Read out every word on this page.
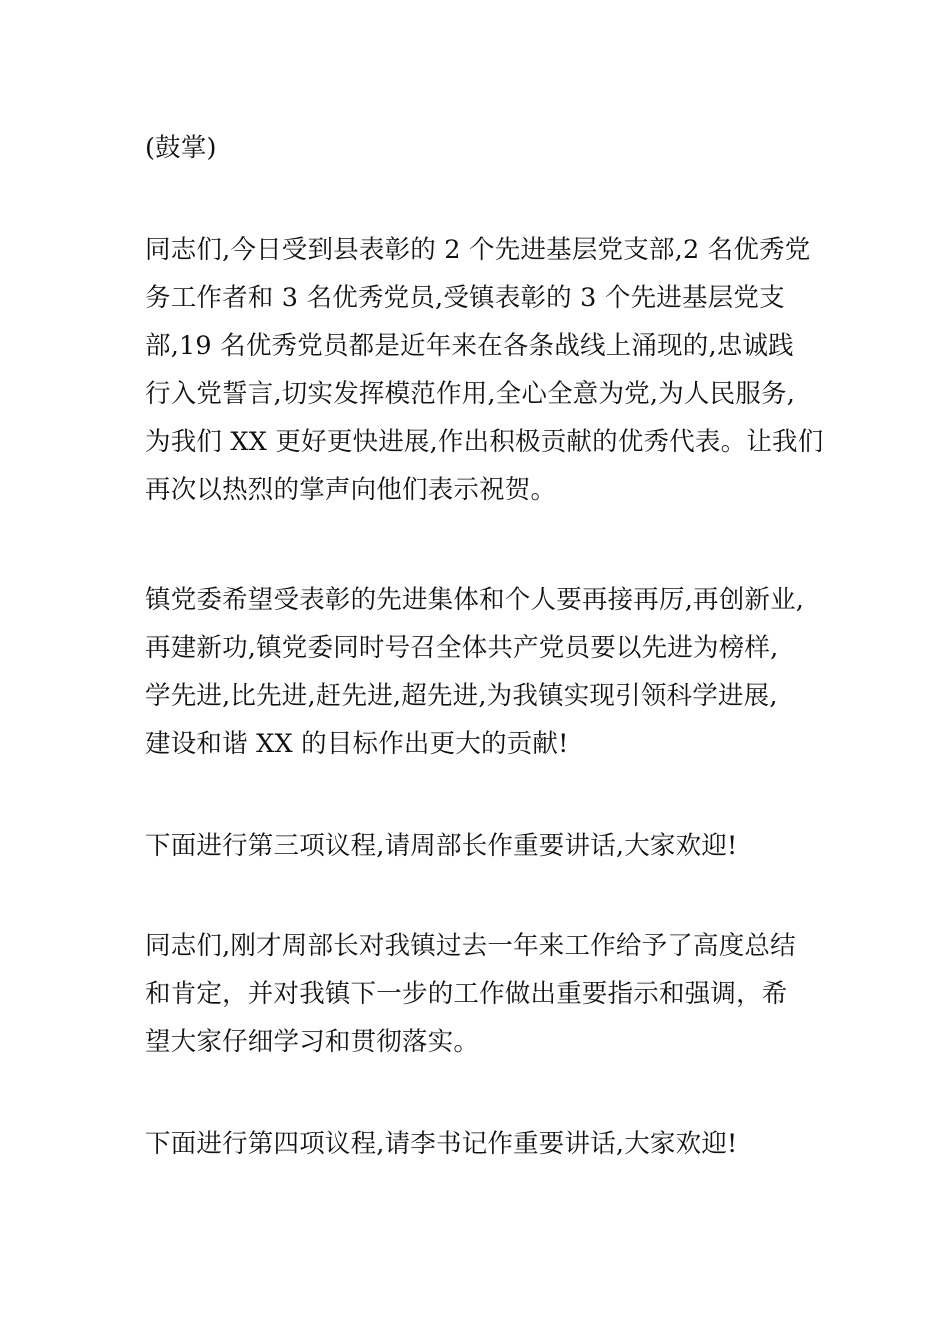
(鼓掌)

同志们,今日受到县表彰的 2 个先进基层党支部,2 名优秀党
务工作者和 3 名优秀党员,受镇表彰的 3 个先进基层党支
部,19 名优秀党员都是近年来在各条战线上涌现的,忠诚践
行入党誓言,切实发挥模范作用,全心全意为党,为人民服务,
为我们 XX 更好更快进展,作出积极贡献的优秀代表。让我们
再次以热烈的掌声向他们表示祝贺。

镇党委希望受表彰的先进集体和个人要再接再厉,再创新业,
再建新功,镇党委同时号召全体共产党员要以先进为榜样,
学先进,比先进,赶先进,超先进,为我镇实现引领科学进展,
建设和谐 XX 的目标作出更大的贡献!

下面进行第三项议程,请周部长作重要讲话,大家欢迎!

同志们,刚才周部长对我镇过去一年来工作给予了高度总结
和肯定，并对我镇下一步的工作做出重要指示和强调，希
望大家仔细学习和贯彻落实。

下面进行第四项议程,请李书记作重要讲话,大家欢迎!
